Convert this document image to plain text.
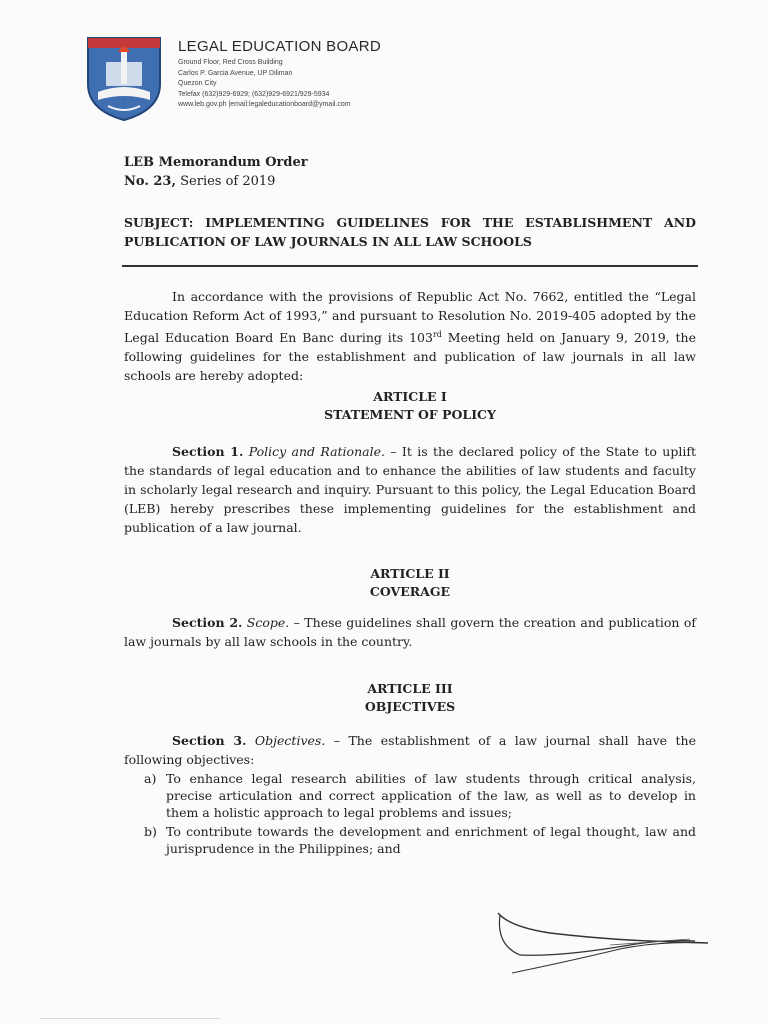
LEGAL EDUCATION BOARD
Ground Floor, Red Cross Building
Carlos P. Garcia Avenue, UP Diliman
Quezon City
Telefax (632)929-6929; (632)929-6921/929-5934
www.leb.gov.ph |email:legaleducationboard@ymail.com
LEB Memorandum Order
No. 23, Series of 2019
SUBJECT: IMPLEMENTING GUIDELINES FOR THE ESTABLISHMENT AND
PUBLICATION OF LAW JOURNALS IN ALL LAW SCHOOLS
In accordance with the provisions of Republic Act No. 7662, entitled the “Legal Education Reform Act of 1993,” and pursuant to Resolution No. 2019-405 adopted by the Legal Education Board En Banc during its 103rd Meeting held on January 9, 2019, the following guidelines for the establishment and publication of law journals in all law schools are hereby adopted:
ARTICLE I
STATEMENT OF POLICY
Section 1. Policy and Rationale. – It is the declared policy of the State to uplift the standards of legal education and to enhance the abilities of law students and faculty in scholarly legal research and inquiry. Pursuant to this policy, the Legal Education Board (LEB) hereby prescribes these implementing guidelines for the establishment and publication of a law journal.
ARTICLE II
COVERAGE
Section 2. Scope. – These guidelines shall govern the creation and publication of law journals by all law schools in the country.
ARTICLE III
OBJECTIVES
Section 3. Objectives. – The establishment of a law journal shall have the following objectives:
a) To enhance legal research abilities of law students through critical analysis, precise articulation and correct application of the law, as well as to develop in them a holistic approach to legal problems and issues;
b) To contribute towards the development and enrichment of legal thought, law and jurisprudence in the Philippines; and
